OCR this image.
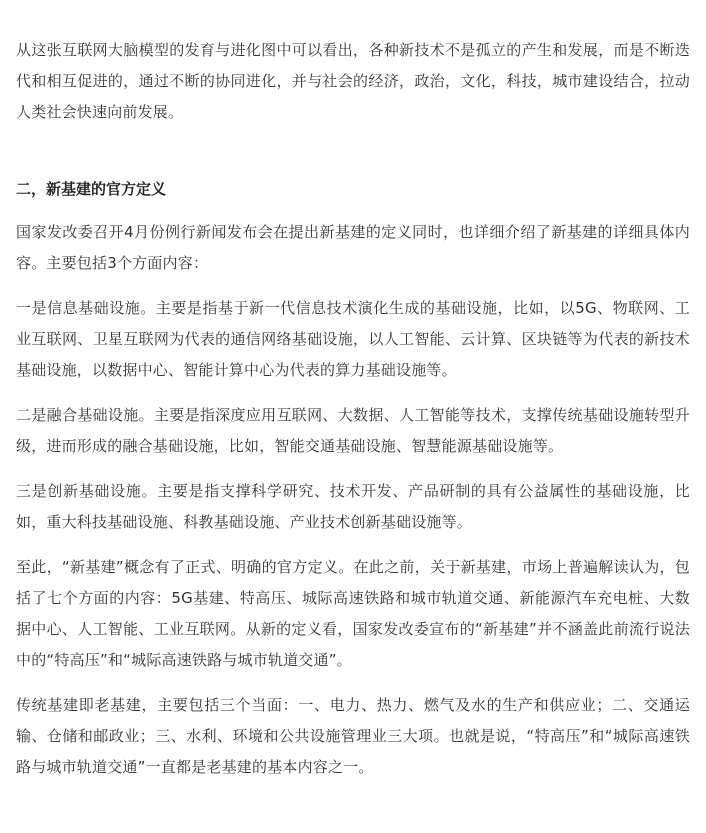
从这张互联网大脑模型的发育与进化图中可以看出，各种新技术不是孤立的产生和发展，而是不断迭代和相互促进的，通过不断的协同进化，并与社会的经济，政治，文化，科技，城市建设结合，拉动人类社会快速向前发展。

二，新基建的官方定义

国家发改委召开4月份例行新闻发布会在提出新基建的定义同时，也详细介绍了新基建的详细具体内容。主要包括3个方面内容：

一是信息基础设施。主要是指基于新一代信息技术演化生成的基础设施，比如，以5G、物联网、工业互联网、卫星互联网为代表的通信网络基础设施，以人工智能、云计算、区块链等为代表的新技术基础设施，以数据中心、智能计算中心为代表的算力基础设施等。

二是融合基础设施。主要是指深度应用互联网、大数据、人工智能等技术，支撑传统基础设施转型升级，进而形成的融合基础设施，比如，智能交通基础设施、智慧能源基础设施等。

三是创新基础设施。主要是指支撑科学研究、技术开发、产品研制的具有公益属性的基础设施，比如，重大科技基础设施、科教基础设施、产业技术创新基础设施等。

至此，“新基建”概念有了正式、明确的官方定义。在此之前，关于新基建，市场上普遍解读认为，包括了七个方面的内容：5G基建、特高压、城际高速铁路和城市轨道交通、新能源汽车充电桩、大数据中心、人工智能、工业互联网。从新的定义看，国家发改委宣布的“新基建”并不涵盖此前流行说法中的“特高压”和“城际高速铁路与城市轨道交通”。

传统基建即老基建，主要包括三个当面：一、电力、热力、燃气及水的生产和供应业；二、交通运输、仓储和邮政业；三、水利、环境和公共设施管理业三大项。也就是说，“特高压”和“城际高速铁路与城市轨道交通”一直都是老基建的基本内容之一。
